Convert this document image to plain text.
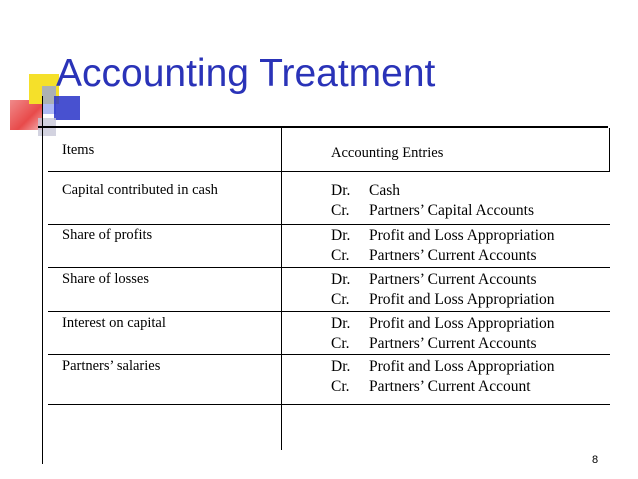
Accounting Treatment
Items	Accounting Entries
Capital contributed in cash	Dr. Cash
Cr. Partners’ Capital Accounts
Share of profits	Dr. Profit and Loss Appropriation
Cr. Partners’ Current Accounts
Share of losses	Dr. Partners’ Current Accounts
Cr. Profit and Loss Appropriation
Interest on capital	Dr. Profit and Loss Appropriation
Cr. Partners’ Current Accounts
Partners’ salaries	Dr. Profit and Loss Appropriation
Cr. Partners’ Current Account
8
